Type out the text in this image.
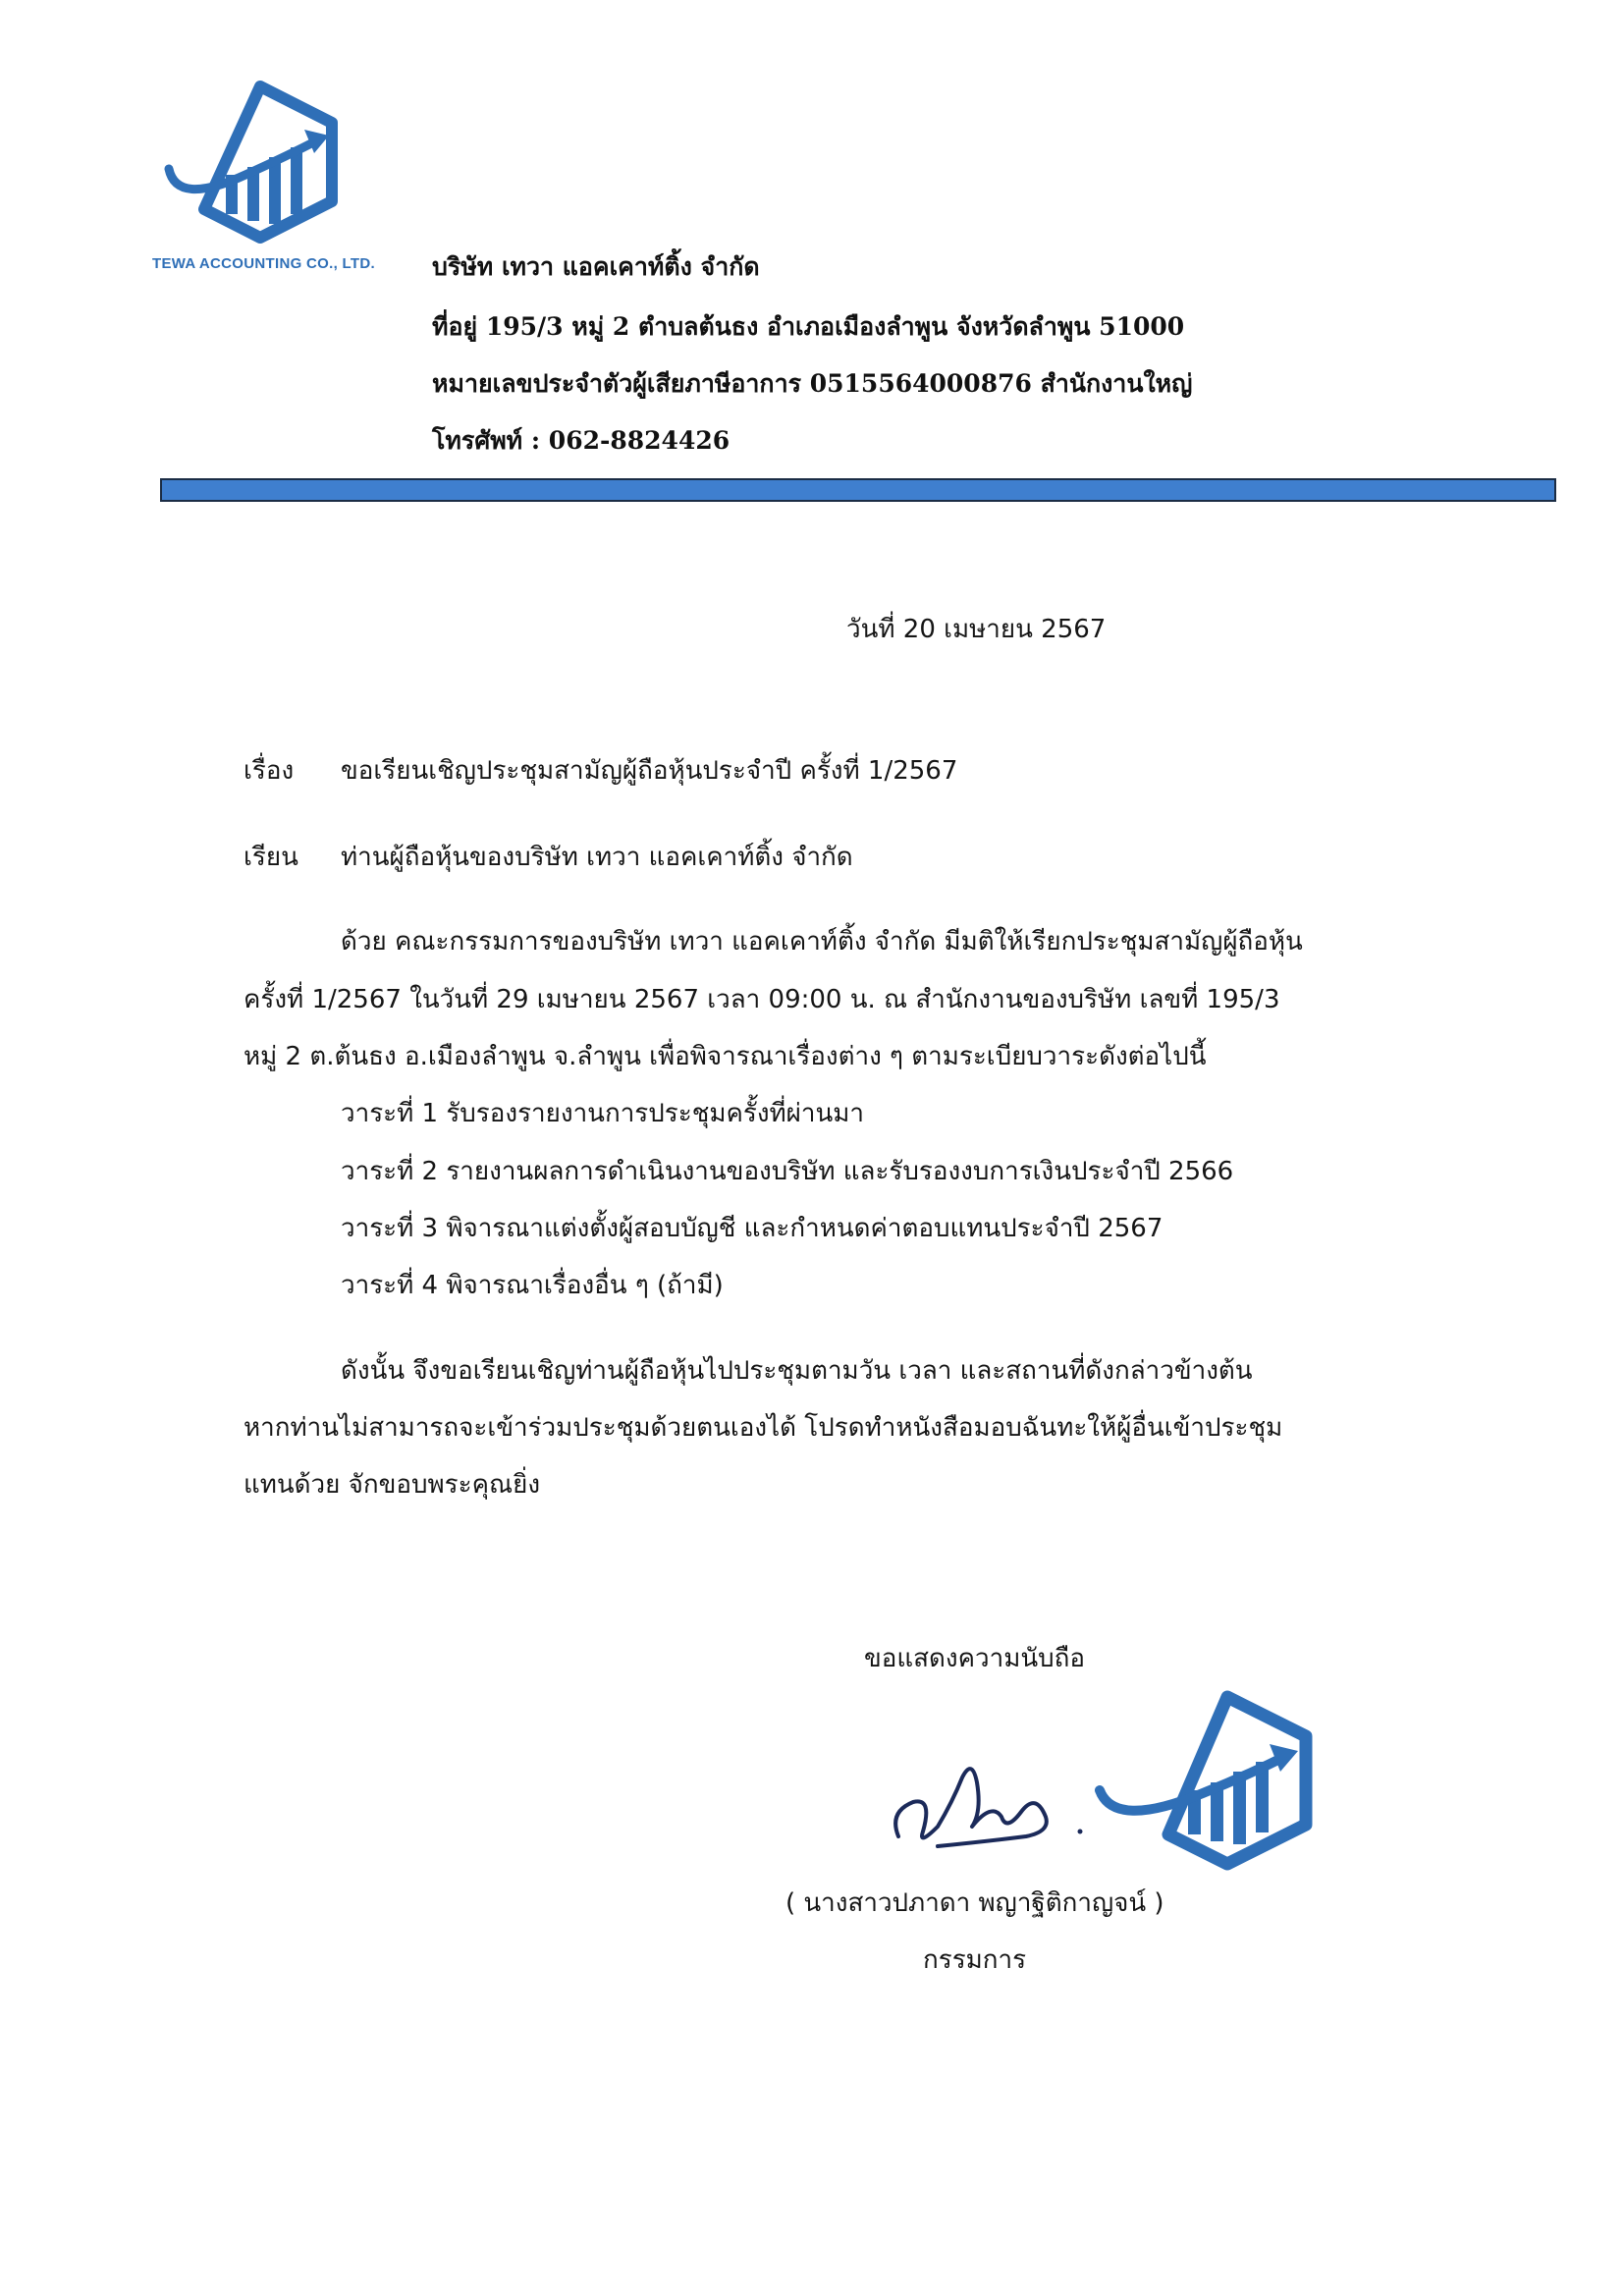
TEWA ACCOUNTING CO., LTD. บริษัท เทวา แอคเคาท์ติ้ง จำกัด
ที่อยู่ 195/3 หมู่ 2 ตำบลต้นธง อำเภอเมืองลำพูน จังหวัดลำพูน 51000
หมายเลขประจำตัวผู้เสียภาษีอาการ 0515564000876 สำนักงานใหญ่
โทรศัพท์ : 062-8824426
วันที่ 20 เมษายน 2567
เรื่อง ขอเรียนเชิญประชุมสามัญผู้ถือหุ้นประจำปี ครั้งที่ 1/2567
เรียน ท่านผู้ถือหุ้นของบริษัท เทวา แอคเคาท์ติ้ง จำกัด
ด้วย คณะกรรมการของบริษัท เทวา แอคเคาท์ติ้ง จำกัด มีมติให้เรียกประชุมสามัญผู้ถือหุ้น
ครั้งที่ 1/2567 ในวันที่ 29 เมษายน 2567 เวลา 09:00 น. ณ สำนักงานของบริษัท เลขที่ 195/3
หมู่ 2 ต.ต้นธง อ.เมืองลำพูน จ.ลำพูน เพื่อพิจารณาเรื่องต่าง ๆ ตามระเบียบวาระดังต่อไปนี้
วาระที่ 1 รับรองรายงานการประชุมครั้งที่ผ่านมา
วาระที่ 2 รายงานผลการดำเนินงานของบริษัท และรับรองงบการเงินประจำปี 2566
วาระที่ 3 พิจารณาแต่งตั้งผู้สอบบัญชี และกำหนดค่าตอบแทนประจำปี 2567
วาระที่ 4 พิจารณาเรื่องอื่น ๆ (ถ้ามี)
ดังนั้น จึงขอเรียนเชิญท่านผู้ถือหุ้นไปประชุมตามวัน เวลา และสถานที่ดังกล่าวข้างต้น
หากท่านไม่สามารถจะเข้าร่วมประชุมด้วยตนเองได้ โปรดทำหนังสือมอบฉันทะให้ผู้อื่นเข้าประชุม
แทนด้วย จักขอบพระคุณยิ่ง
ขอแสดงความนับถือ
( นางสาวปภาดา พญาฐิติกาญจน์ )
กรรมการ
